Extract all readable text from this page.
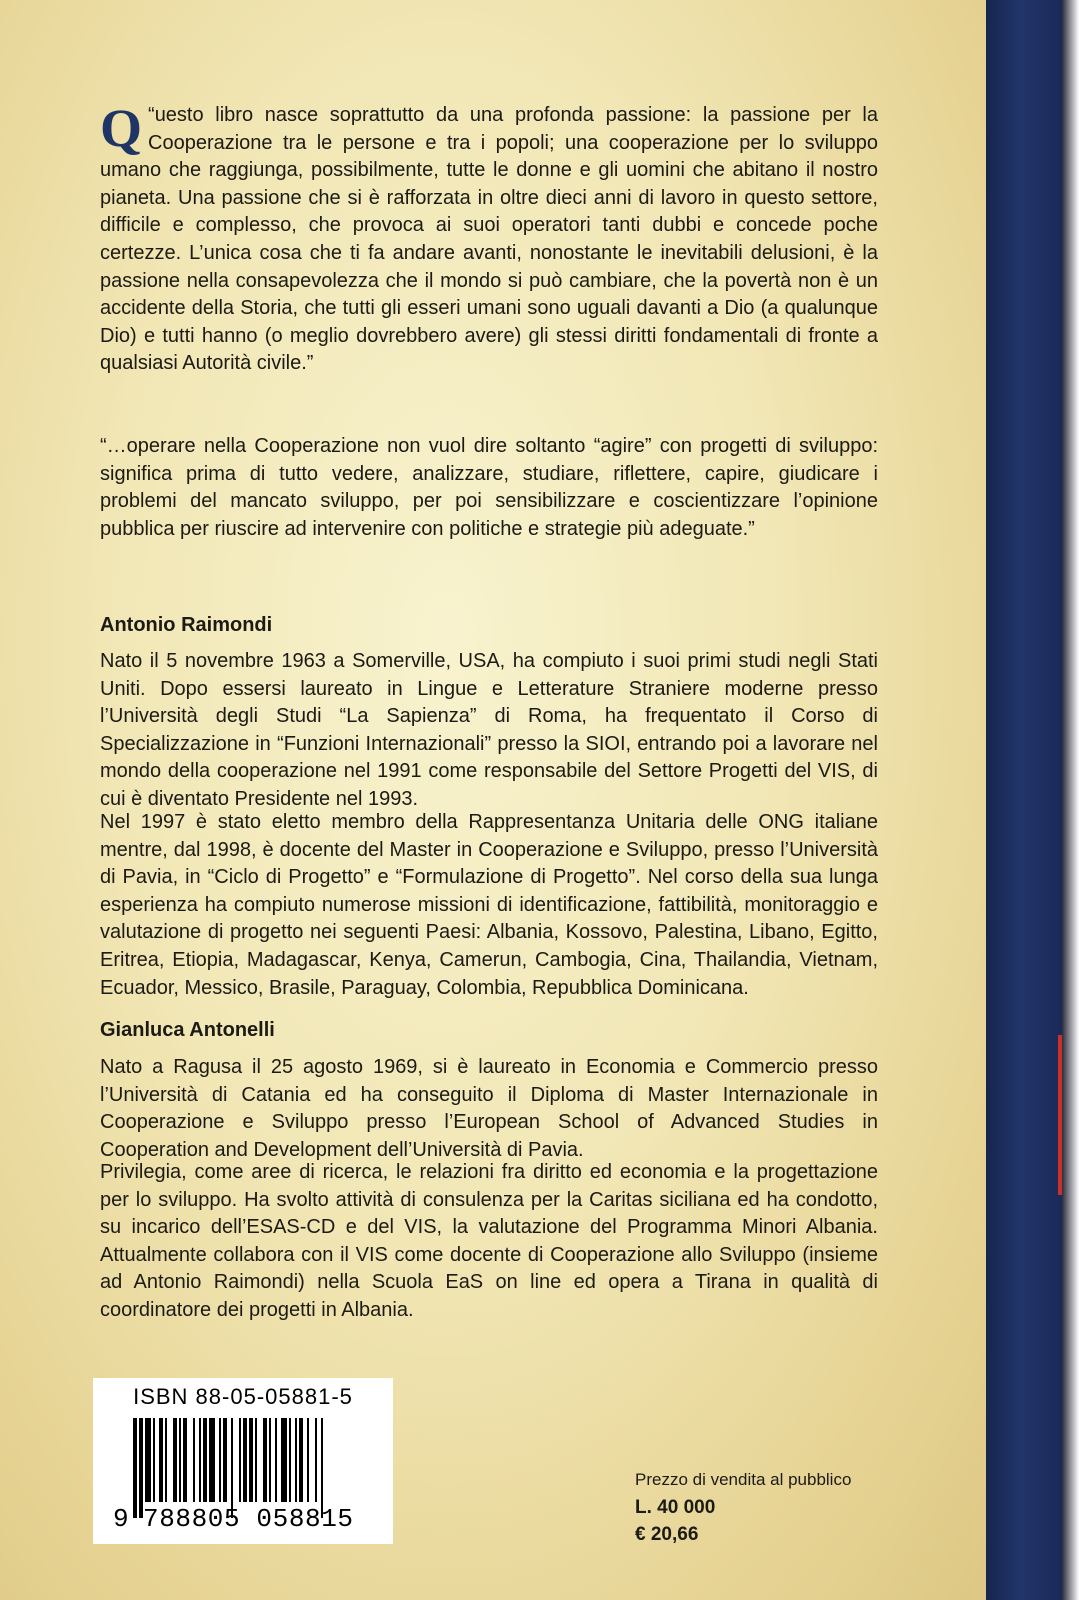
“
Q uesto libro nasce soprattutto da una profonda passione: la passione per la Cooperazione tra le persone e tra i popoli; una cooperazione per lo sviluppo umano che raggiunga, possibilmente, tutte le donne e gli uomini che abitano il nostro pianeta. Una passione che si è rafforzata in oltre dieci anni di lavoro in questo settore, difficile e complesso, che provoca ai suoi operatori tanti dubbi e concede poche certezze. L’unica cosa che ti fa andare avanti, nonostante le inevitabili delusioni, è la passione nella consapevolezza che il mondo si può cambiare, che la povertà non è un accidente della Storia, che tutti gli esseri umani sono uguali davanti a Dio (a qualunque Dio) e tutti hanno (o meglio dovrebbero avere) gli stessi diritti fondamentali di fronte a qualsiasi Autorità civile.”

“…operare nella Cooperazione non vuol dire soltanto “agire” con progetti di sviluppo: significa prima di tutto vedere, analizzare, studiare, riflettere, capire, giudicare i problemi del mancato sviluppo, per poi sensibilizzare e coscientizzare l’opinione pubblica per riuscire ad intervenire con politiche e strategie più adeguate.”

Antonio Raimondi

Nato il 5 novembre 1963 a Somerville, USA, ha compiuto i suoi primi studi negli Stati Uniti. Dopo essersi laureato in Lingue e Letterature Straniere moderne presso l’Università degli Studi “La Sapienza” di Roma, ha frequentato il Corso di Specializzazione in “Funzioni Internazionali” presso la SIOI, entrando poi a lavorare nel mondo della cooperazione nel 1991 come responsabile del Settore Progetti del VIS, di cui è diventato Presidente nel 1993.

Nel 1997 è stato eletto membro della Rappresentanza Unitaria delle ONG italiane mentre, dal 1998, è docente del Master in Cooperazione e Sviluppo, presso l’Università di Pavia, in “Ciclo di Progetto” e “Formulazione di Progetto”. Nel corso della sua lunga esperienza ha compiuto numerose missioni di identificazione, fattibilità, monitoraggio e valutazione di progetto nei seguenti Paesi: Albania, Kossovo, Palestina, Libano, Egitto, Eritrea, Etiopia, Madagascar, Kenya, Camerun, Cambogia, Cina, Thailandia, Vietnam, Ecuador, Messico, Brasile, Paraguay, Colombia, Repubblica Dominicana.

Gianluca Antonelli

Nato a Ragusa il 25 agosto 1969, si è laureato in Economia e Commercio presso l’Università di Catania ed ha conseguito il Diploma di Master Internazionale in Cooperazione e Sviluppo presso l’European School of Advanced Studies in Cooperation and Development dell’Università di Pavia.

Privilegia, come aree di ricerca, le relazioni fra diritto ed economia e la progettazione per lo sviluppo. Ha svolto attività di consulenza per la Caritas siciliana ed ha condotto, su incarico dell’ESAS-CD e del VIS, la valutazione del Programma Minori Albania. Attualmente collabora con il VIS come docente di Cooperazione allo Sviluppo (insieme ad Antonio Raimondi) nella Scuola EaS on line ed opera a Tirana in qualità di coordinatore dei progetti in Albania.

ISBN 88-05-05881-5
9 788805 058815
Prezzo di vendita al pubblico
L. 40 000
€ 20,66
